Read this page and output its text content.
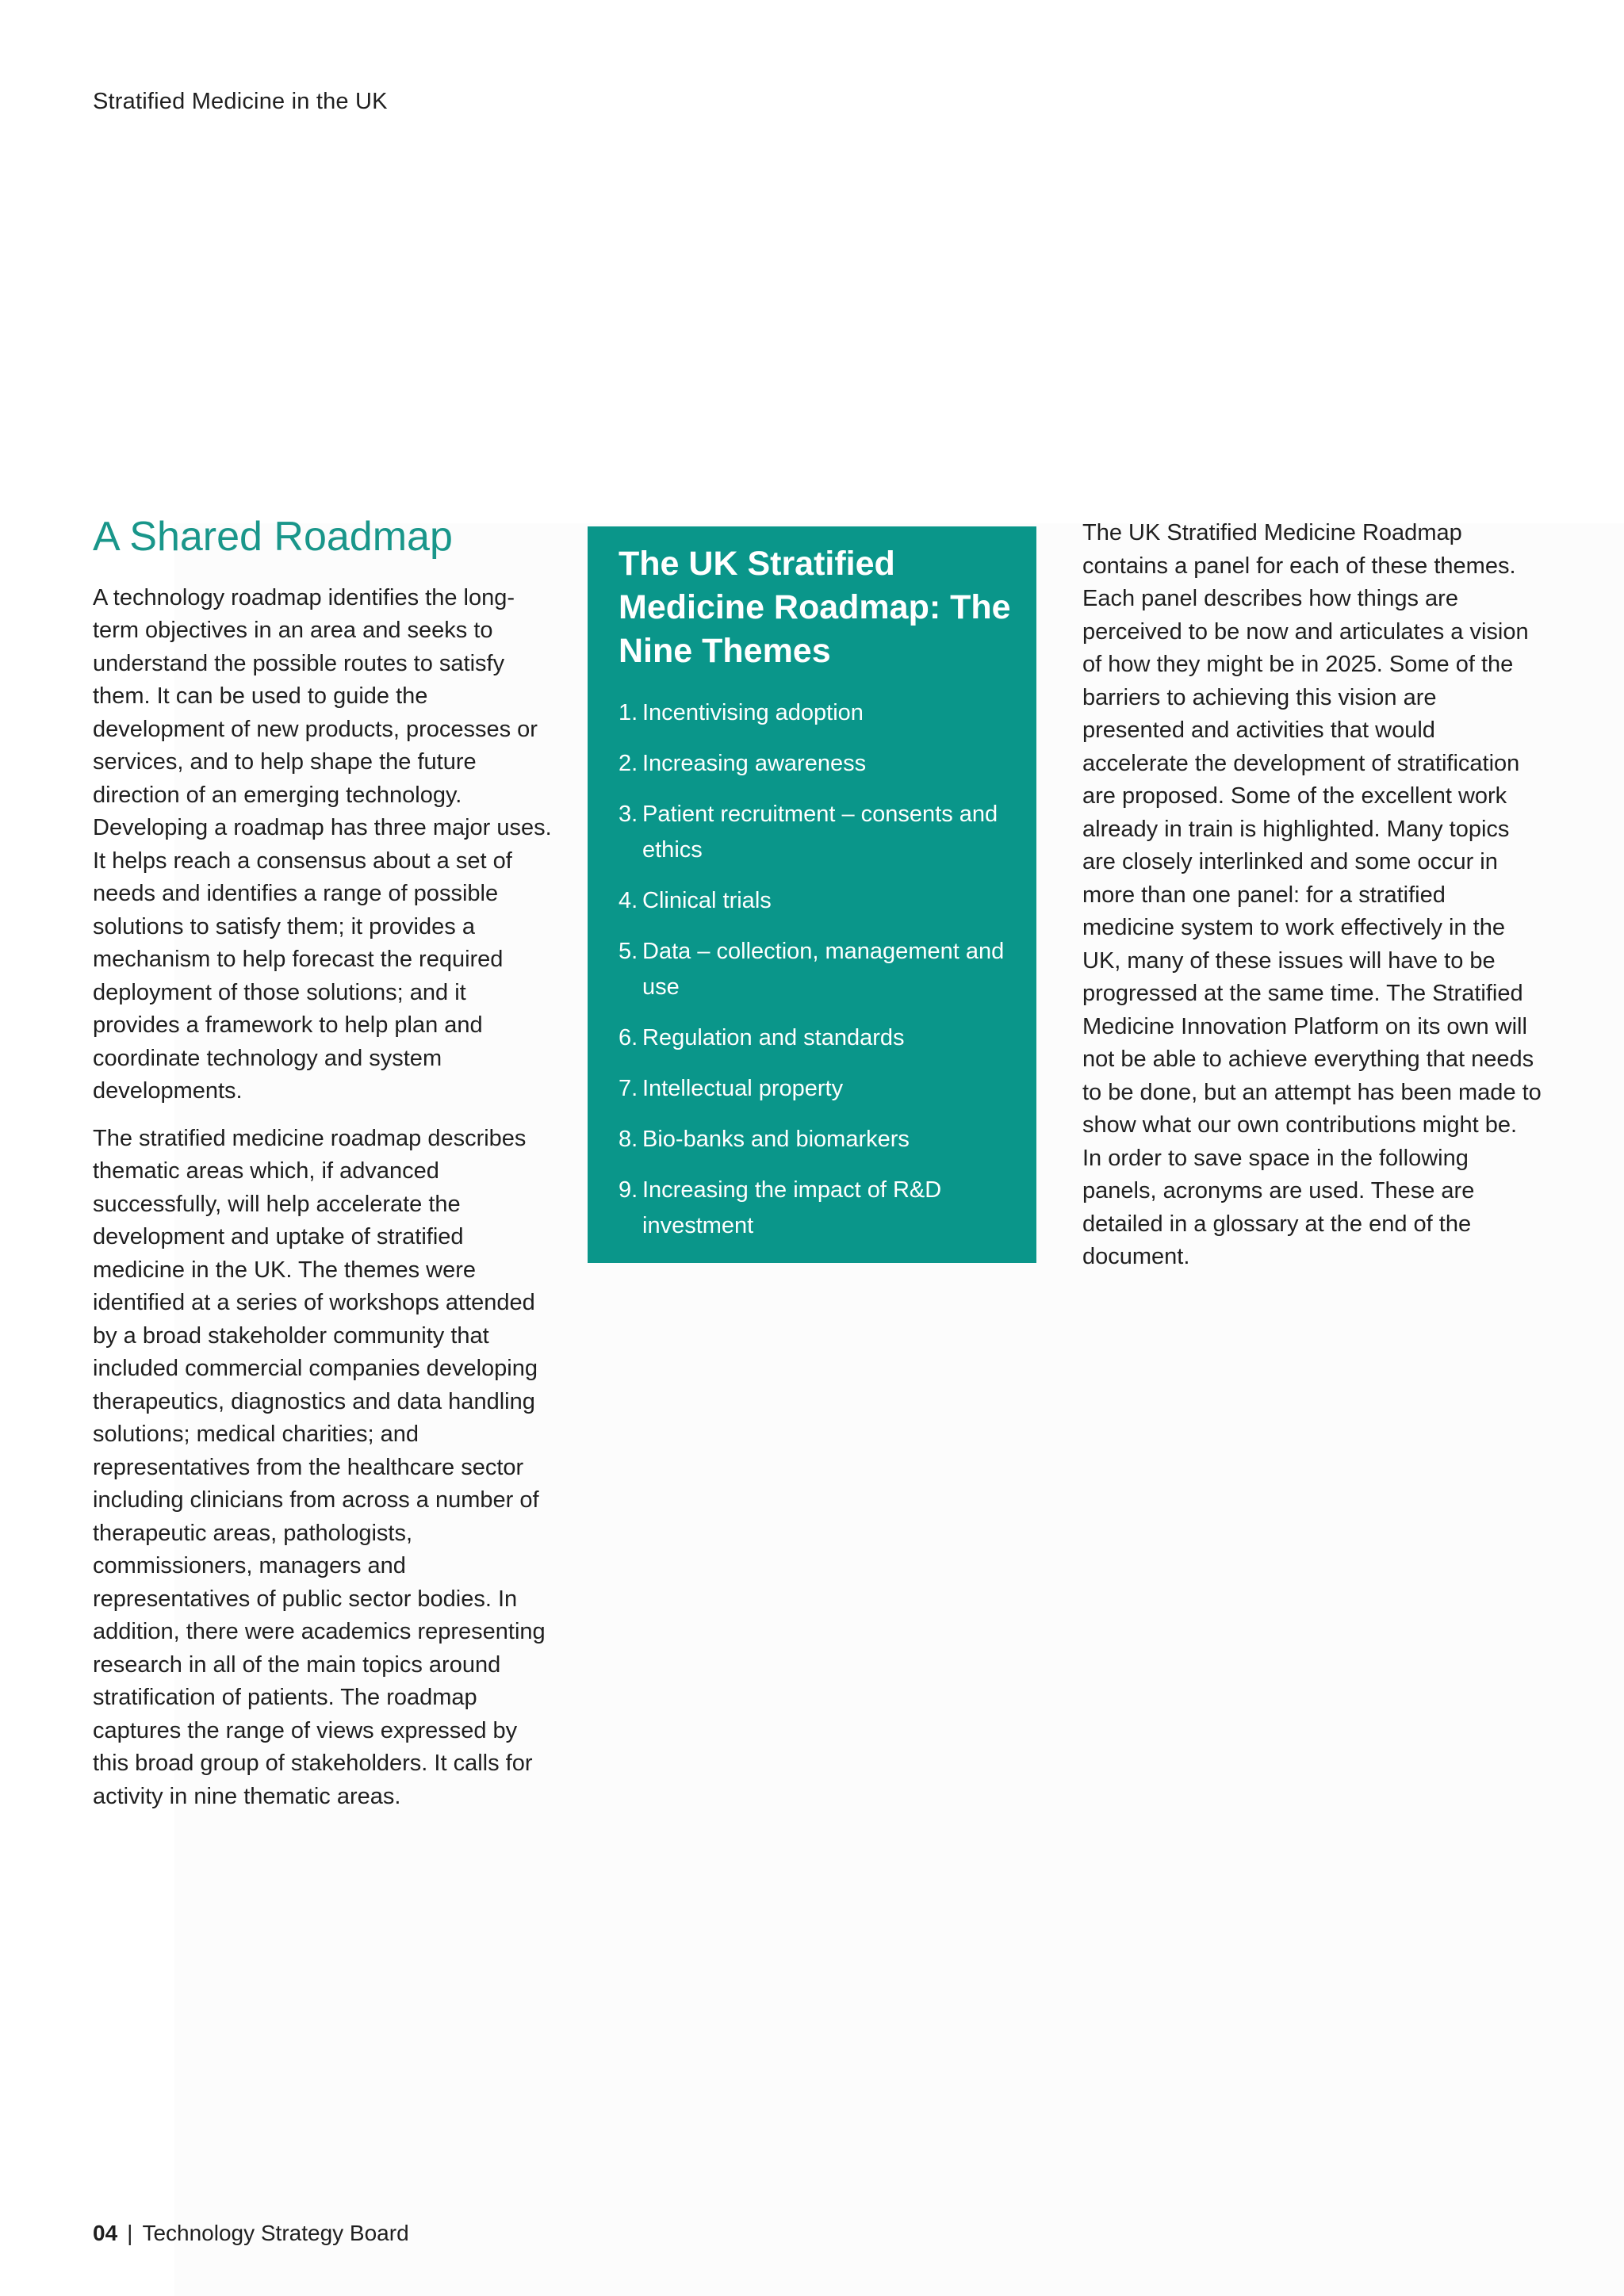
Stratified Medicine in the UK
A Shared Roadmap

A technology roadmap identifies the long-term objectives in an area and seeks to understand the possible routes to satisfy them. It can be used to guide the development of new products, processes or services, and to help shape the future direction of an emerging technology. Developing a roadmap has three major uses. It helps reach a consensus about a set of needs and identifies a range of possible solutions to satisfy them; it provides a mechanism to help forecast the required deployment of those solutions; and it provides a framework to help plan and coordinate technology and system developments.

The stratified medicine roadmap describes thematic areas which, if advanced successfully, will help accelerate the development and uptake of stratified medicine in the UK. The themes were identified at a series of workshops attended by a broad stakeholder community that included commercial companies developing therapeutics, diagnostics and data handling solutions; medical charities; and representatives from the healthcare sector including clinicians from across a number of therapeutic areas, pathologists, commissioners, managers and representatives of public sector bodies. In addition, there were academics representing research in all of the main topics around stratification of patients. The roadmap captures the range of views expressed by this broad group of stakeholders. It calls for activity in nine thematic areas.

The UK Stratified Medicine Roadmap: The Nine Themes
1. Incentivising adoption
2. Increasing awareness
3. Patient recruitment – consents and ethics
4. Clinical trials
5. Data – collection, management and use
6. Regulation and standards
7. Intellectual property
8. Bio-banks and biomarkers
9. Increasing the impact of R&D investment

The UK Stratified Medicine Roadmap contains a panel for each of these themes. Each panel describes how things are perceived to be now and articulates a vision of how they might be in 2025. Some of the barriers to achieving this vision are presented and activities that would accelerate the development of stratification are proposed. Some of the excellent work already in train is highlighted. Many topics are closely interlinked and some occur in more than one panel: for a stratified medicine system to work effectively in the UK, many of these issues will have to be progressed at the same time. The Stratified Medicine Innovation Platform on its own will not be able to achieve everything that needs to be done, but an attempt has been made to show what our own contributions might be. In order to save space in the following panels, acronyms are used. These are detailed in a glossary at the end of the document.

04 | Technology Strategy Board
